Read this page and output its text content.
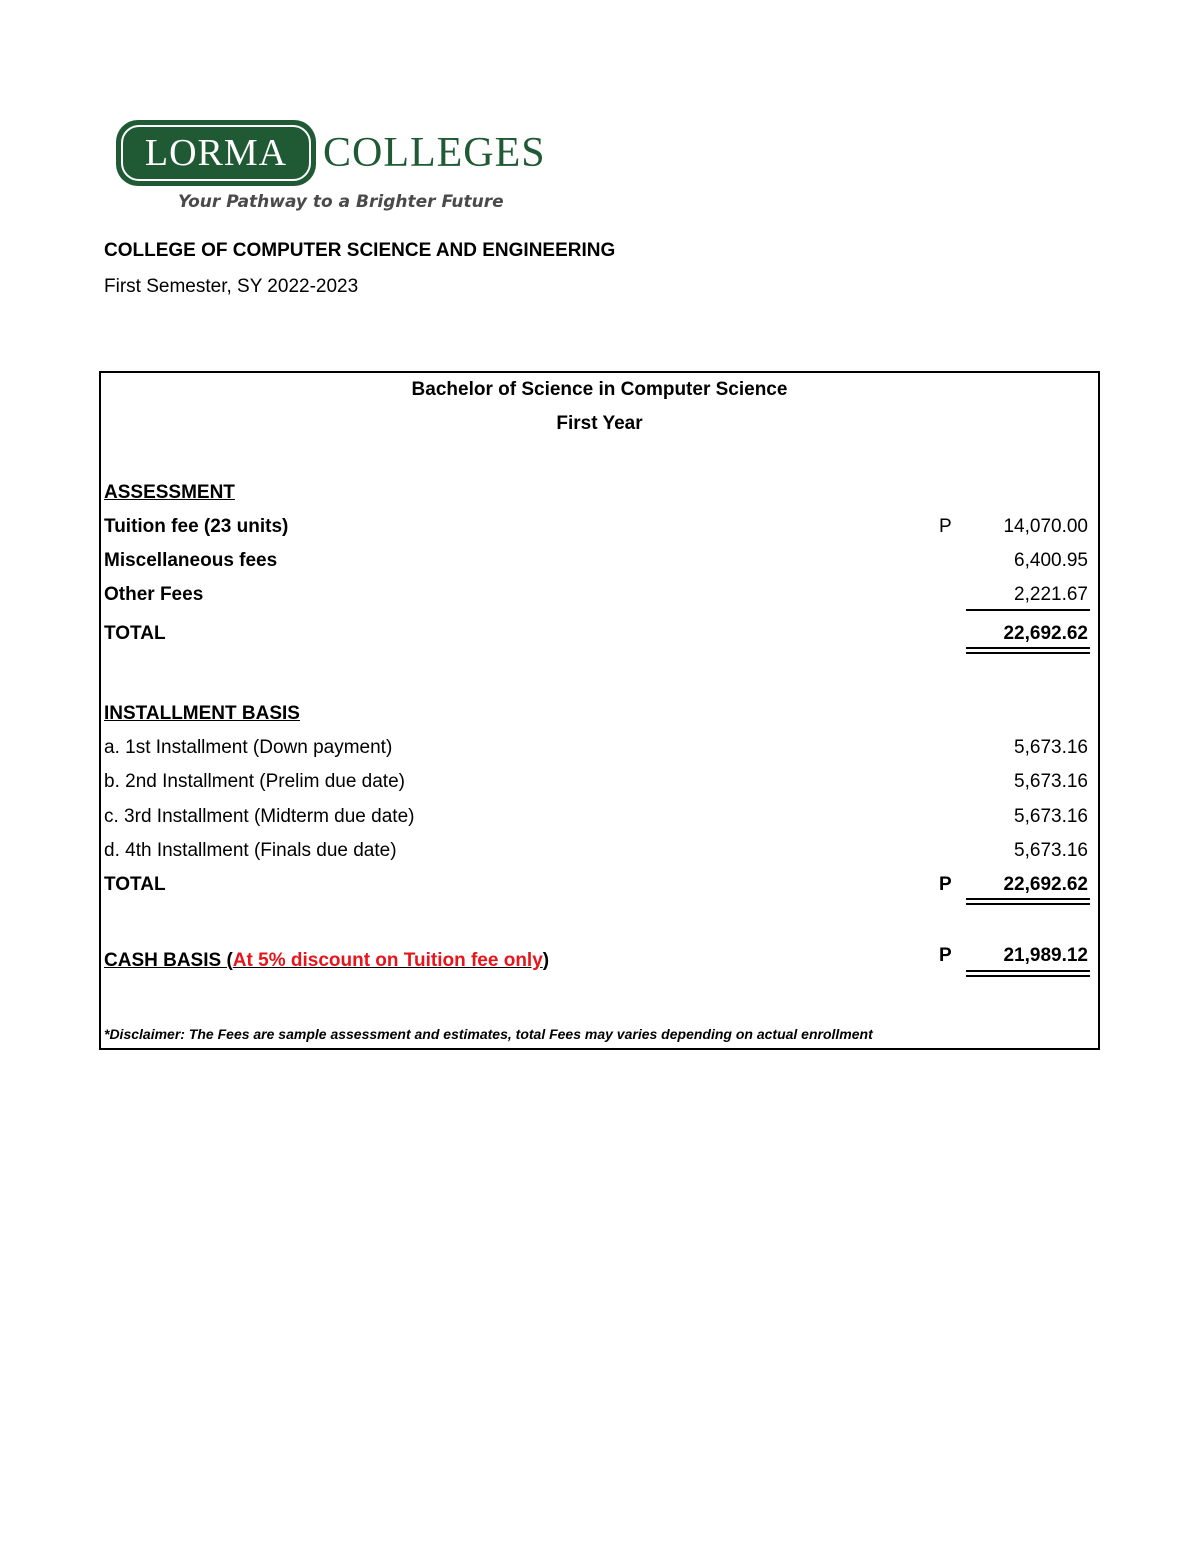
LORMA COLLEGES
Your Pathway to a Brighter Future
COLLEGE OF COMPUTER SCIENCE AND ENGINEERING
First Semester, SY 2022-2023
Bachelor of Science in Computer Science
First Year
ASSESSMENT
Tuition fee (23 units)	P	14,070.00
Miscellaneous fees	6,400.95
Other Fees	2,221.67
TOTAL	22,692.62
INSTALLMENT BASIS
a. 1st Installment (Down payment)	5,673.16
b. 2nd Installment (Prelim due date)	5,673.16
c. 3rd Installment (Midterm due date)	5,673.16
d. 4th Installment (Finals due date)	5,673.16
TOTAL	P	22,692.62
CASH BASIS (At 5% discount on Tuition fee only)	P	21,989.12
*Disclaimer: The Fees are sample assessment and estimates, total Fees may varies depending on actual enrollment
